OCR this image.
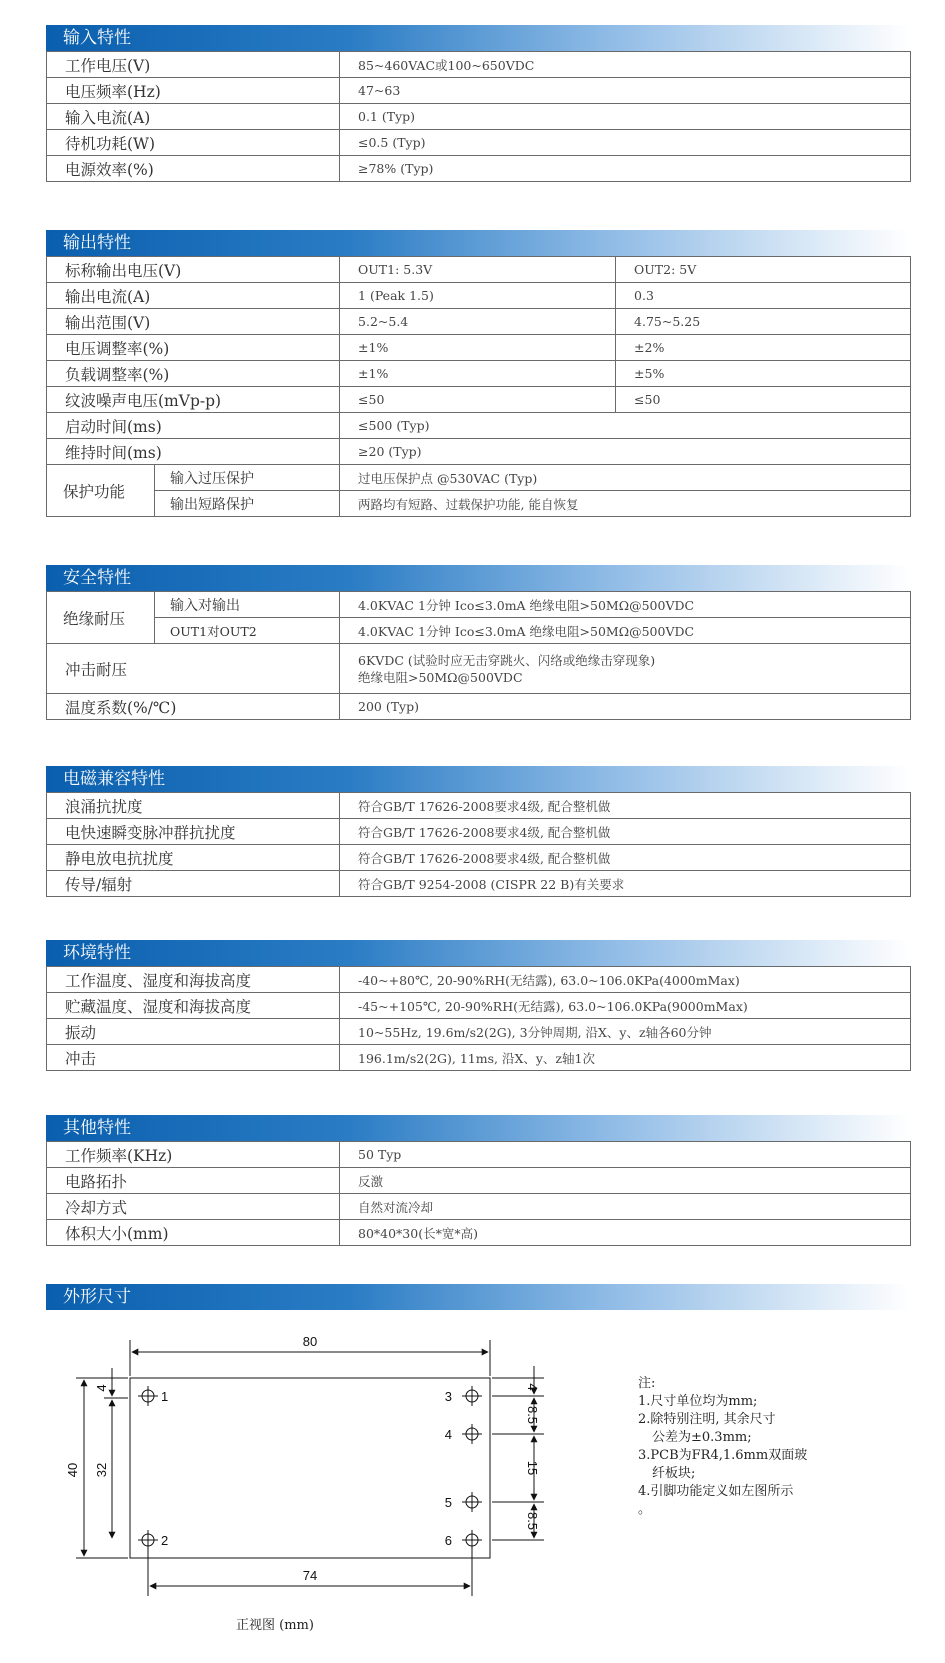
输入特性
工作电压(V)	85~460VAC或100~650VDC
电压频率(Hz)	47~63
输入电流(A)	0.1 (Typ)
待机功耗(W)	≤0.5 (Typ)
电源效率(%)	≥78% (Typ)
输出特性
标称输出电压(V)		OUT1: 5.3V	OUT2: 5V
输出电流(A)		1 (Peak 1.5)	0.3
输出范围(V)		5.2~5.4	4.75~5.25
电压调整率(%)		±1%	±2%
负载调整率(%)		±1%	±5%
纹波噪声电压(mVp-p)		≤50	≤50
启动时间(ms)		≤500 (Typ)	
维持时间(ms)		≥20 (Typ)	
保护功能	输入过压保护	过电压保护点 @530VAC (Typ)	
	输出短路保护	两路均有短路、过载保护功能, 能自恢复	
安全特性
绝缘耐压	输入对输出	4.0KVAC 1分钟 Ico≤3.0mA 绝缘电阻>50MΩ@500VDC
	OUT1对OUT2	4.0KVAC 1分钟 Ico≤3.0mA 绝缘电阻>50MΩ@500VDC
冲击耐压		6KVDC (试验时应无击穿跳火、闪络或绝缘击穿现象)
绝缘电阻>50MΩ@500VDC

温度系数(%/℃)		200 (Typ)
电磁兼容特性
浪涌抗扰度	符合GB/T 17626-2008要求4级, 配合整机做
电快速瞬变脉冲群抗扰度	符合GB/T 17626-2008要求4级, 配合整机做
静电放电抗扰度	符合GB/T 17626-2008要求4级, 配合整机做
传导/辐射	符合GB/T 9254-2008 (CISPR 22 B)有关要求
环境特性
工作温度、湿度和海拔高度	-40~+80℃, 20-90%RH(无结露), 63.0~106.0KPa(4000mMax)
贮藏温度、湿度和海拔高度	-45~+105℃, 20-90%RH(无结露), 63.0~106.0KPa(9000mMax)
振动	10~55Hz, 19.6m/s2(2G), 3分钟周期, 沿X、y、z轴各60分钟
冲击	196.1m/s2(2G), 11ms, 沿X、y、z轴1次
其他特性
工作频率(KHz)	50 Typ
电路拓扑	反激
冷却方式	自然对流冷却
体积大小(mm)	80*40*30(长*宽*高)
外形尺寸
80
74
40 32
4	4
8.5
15
8.5
1
2
3
4
5
6
注:
1.尺寸单位均为mm;
2.除特别注明, 其余尺寸
公差为±0.3mm;
3.PCB为FR4,1.6mm双面玻
纤板块;
4.引脚功能定义如左图所示
。
正视图 (mm)
